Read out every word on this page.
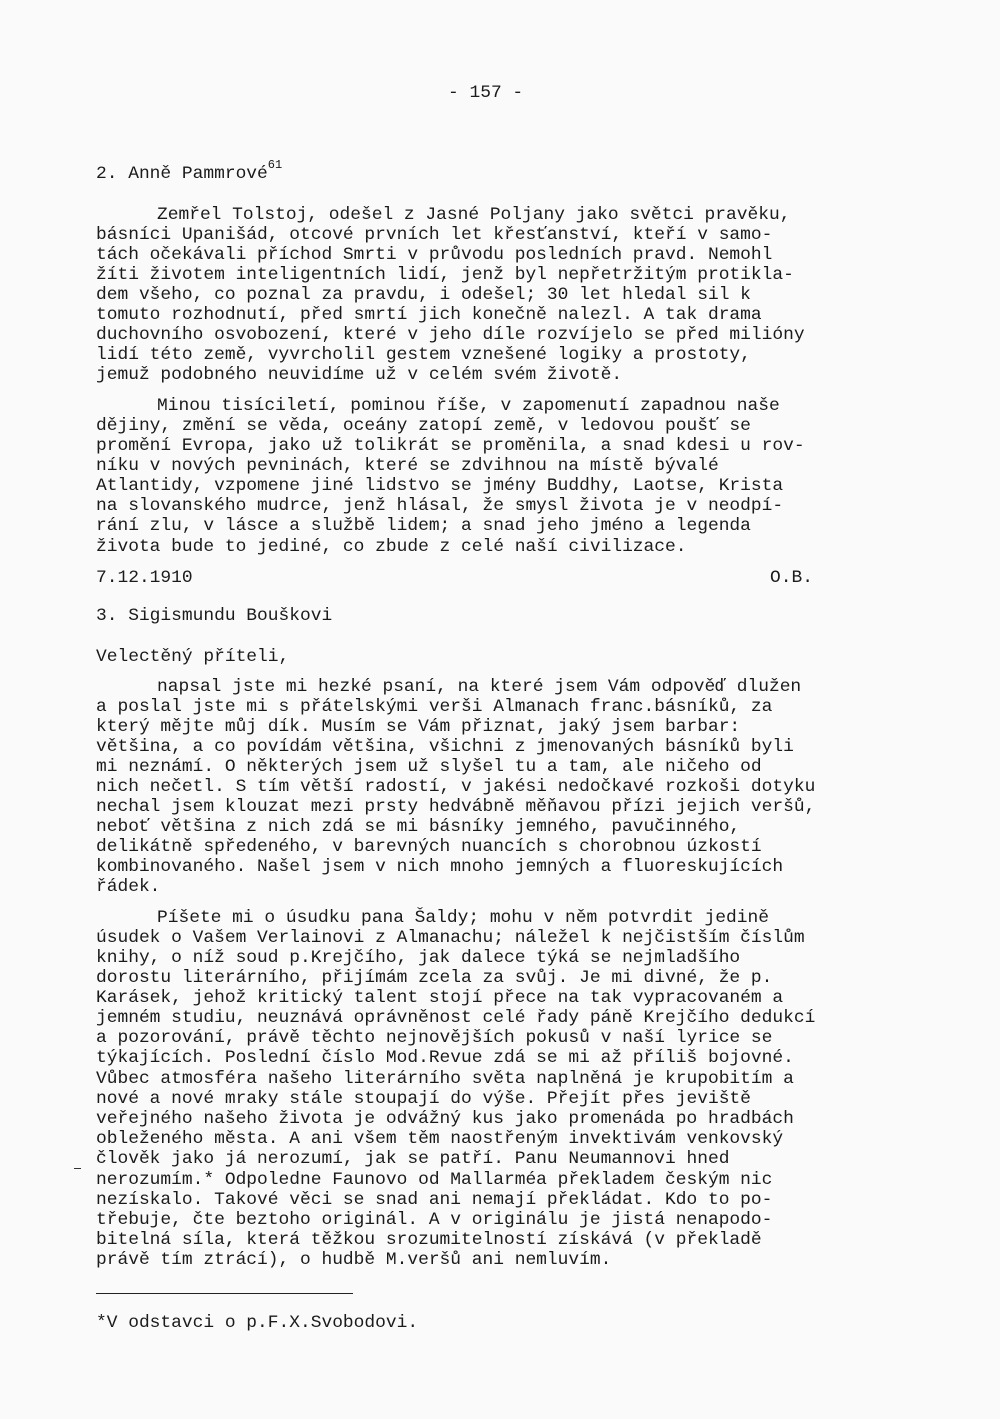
- 157 -
2. Anně Pammrové$^{61}$
Zemřel Tolstoj, odešel z Jasné Poljany jako světci pravěku,
básníci Upanišád, otcové prvních let křesťanství, kteří v samo-
tách očekávali příchod Smrti v průvodu posledních pravd. Nemohl
žíti životem inteligentních lidí, jenž byl nepřetržitým protikla-
dem všeho, co poznal za pravdu, i odešel; 30 let hledal sil k
tomuto rozhodnutí, před smrtí jich konečně nalezl. A tak drama
duchovního osvobození, které v jeho díle rozvíjelo se před milióny
lidí této země, vyvrcholil gestem vznešené logiky a prostoty,
jemuž podobného neuvidíme už v celém svém životě.
Minou tisíciletí, pominou říše, v zapomenutí zapadnou naše
dějiny, změní se věda, oceány zatopí země, v ledovou poušť se
promění Evropa, jako už tolikrát se proměnila, a snad kdesi u rov-
níku v nových pevninách, které se zdvihnou na místě bývalé
Atlantidy, vzpomene jiné lidstvo se jmény Buddhy, Laotse, Krista
na slovanského mudrce, jenž hlásal, že smysl života je v neodpí-
rání zlu, v lásce a službě lidem; a snad jeho jméno a legenda
života bude to jediné, co zbude z celé naší civilizace.
7.12.1910	O.B.
3. Sigismundu Bouškovi
Velectěný příteli,
napsal jste mi hezké psaní, na které jsem Vám odpověď dlužen
a poslal jste mi s přátelskými verši Almanach franc.básníků, za
který mějte můj dík. Musím se Vám přiznat, jaký jsem barbar:
většina, a co povídám většina, všichni z jmenovaných básníků byli
mi neznámí. O některých jsem už slyšel tu a tam, ale ničeho od
nich nečetl. S tím větší radostí, v jakési nedočkavé rozkoši dotyku
nechal jsem klouzat mezi prsty hedvábně měňavou přízi jejich veršů,
neboť většina z nich zdá se mi básníky jemného, pavučinného,
delikátně spředeného, v barevných nuancích s chorobnou úzkostí
kombinovaného. Našel jsem v nich mnoho jemných a fluoreskujících
řádek.
Píšete mi o úsudku pana Šaldy; mohu v něm potvrdit jedině
úsudek o Vašem Verlainovi z Almanachu; náležel k nejčistším číslům
knihy, o níž soud p.Krejčího, jak dalece týká se nejmladšího
dorostu literárního, přijímám zcela za svůj. Je mi divné, že p.
Karásek, jehož kritický talent stojí přece na tak vypracovaném a
jemném studiu, neuznává oprávněnost celé řady páně Krejčího dedukcí
a pozorování, právě těchto nejnovějších pokusů v naší lyrice se
týkajících. Poslední číslo Mod.Revue zdá se mi až příliš bojovné.
Vůbec atmosféra našeho literárního světa naplněná je krupobitím a
nové a nové mraky stále stoupají do výše. Přejít přes jeviště
veřejného našeho života je odvážný kus jako promenáda po hradbách
obleženého města. A ani všem těm naostřeným invektivám venkovský
člověk jako já nerozumí, jak se patří. Panu Neumannovi hned
nerozumím.* Odpoledne Faunovo od Mallarméa překladem českým nic
nezískalo. Takové věci se snad ani nemají překládat. Kdo to po-
třebuje, čte beztoho originál. A v originálu je jistá nenapodo-
bitelná síla, která těžkou srozumitelností získává (v překladě
právě tím ztrácí), o hudbě M.veršů ani nemluvím.
*V odstavci o p.F.X.Svobodovi.
